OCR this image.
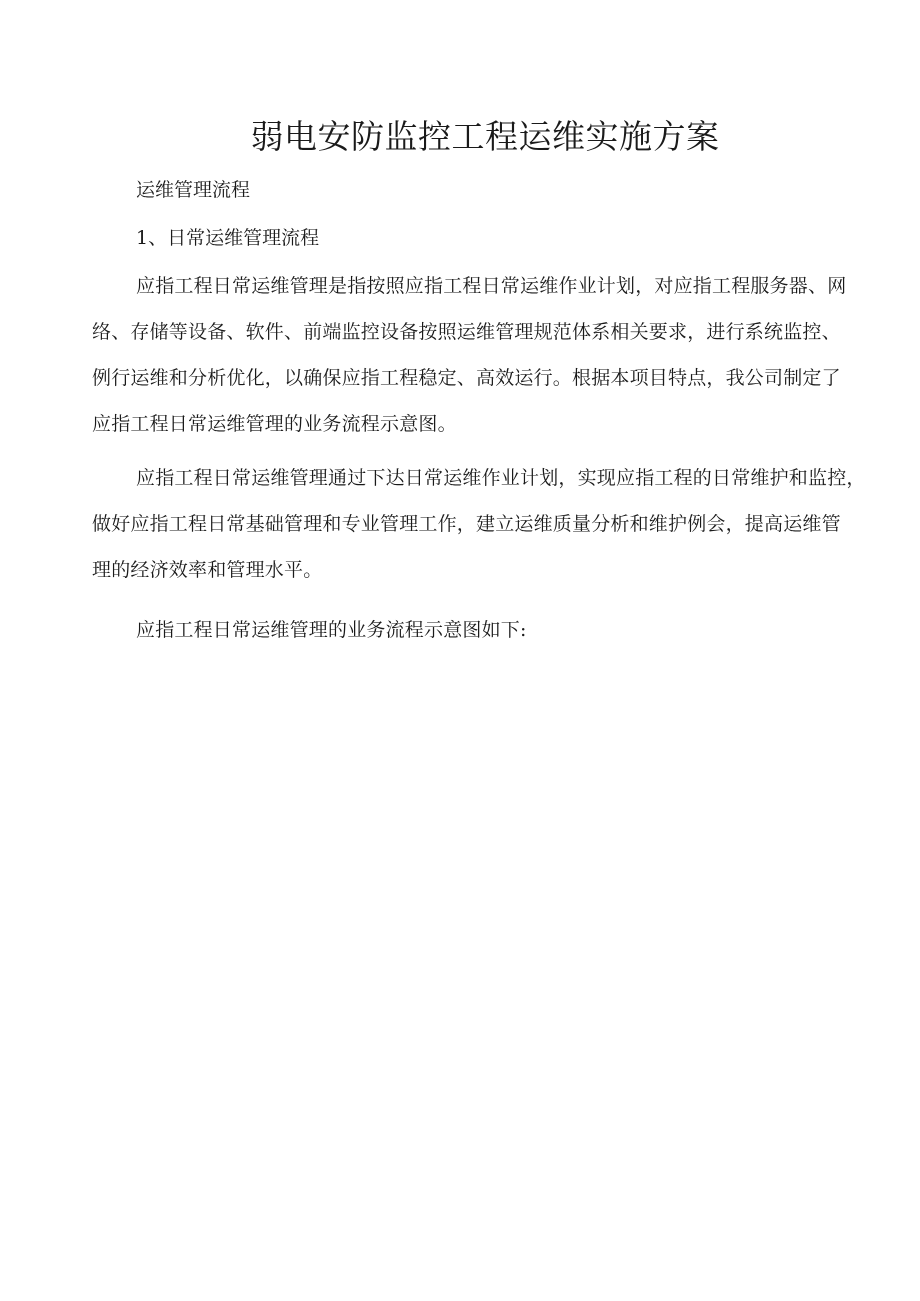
弱电安防监控工程运维实施方案

运维管理流程

1、日常运维管理流程

应指工程日常运维管理是指按照应指工程日常运维作业计划，对应指工程服务器、网
络、存储等设备、软件、前端监控设备按照运维管理规范体系相关要求，进行系统监控、
例行运维和分析优化，以确保应指工程稳定、高效运行。根据本项目特点，我公司制定了
应指工程日常运维管理的业务流程示意图。
应指工程日常运维管理通过下达日常运维作业计划，实现应指工程的日常维护和监控，
做好应指工程日常基础管理和专业管理工作，建立运维质量分析和维护例会，提高运维管
理的经济效率和管理水平。
应指工程日常运维管理的业务流程示意图如下:
